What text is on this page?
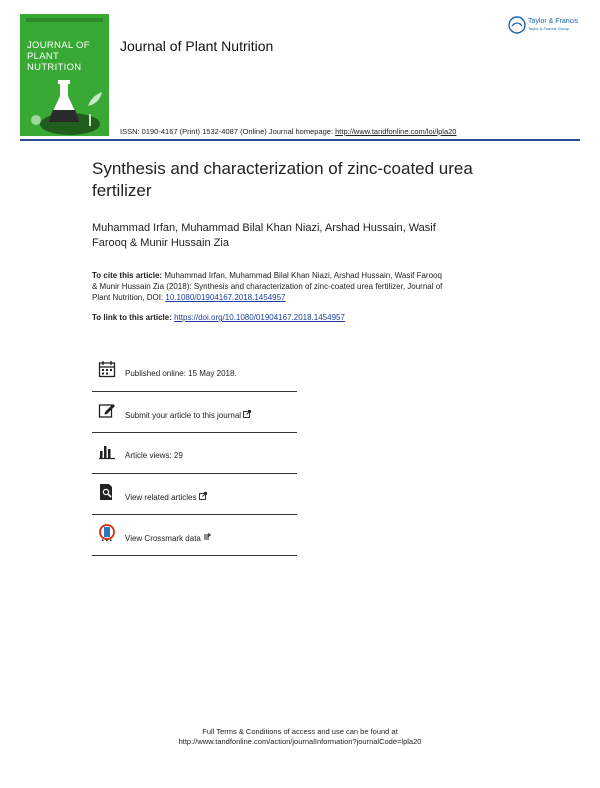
JOURNAL OF
PLANT
NUTRITION
Journal of Plant Nutrition
Taylor & Francis
Taylor & Francis Group
ISSN: 0190-4167 (Print) 1532-4087 (Online) Journal homepage: http://www.tandfonline.com/loi/lpla20
Synthesis and characterization of zinc-coated urea
fertilizer
Muhammad Irfan, Muhammad Bilal Khan Niazi, Arshad Hussain, Wasif
Farooq & Munir Hussain Zia
To cite this article: Muhammad Irfan, Muhammad Bilal Khan Niazi, Arshad Hussain, Wasif Farooq
& Munir Hussain Zia (2018): Synthesis and characterization of zinc-coated urea fertilizer, Journal of
Plant Nutrition, DOI: 10.1080/01904167.2018.1454957
To link to this article: https://doi.org/10.1080/01904167.2018.1454957
Published online: 15 May 2018.
Submit your article to this journal
Article views: 29
View related articles
View Crossmark data
Full Terms & Conditions of access and use can be found at
http://www.tandfonline.com/action/journalInformation?journalCode=lpla20
